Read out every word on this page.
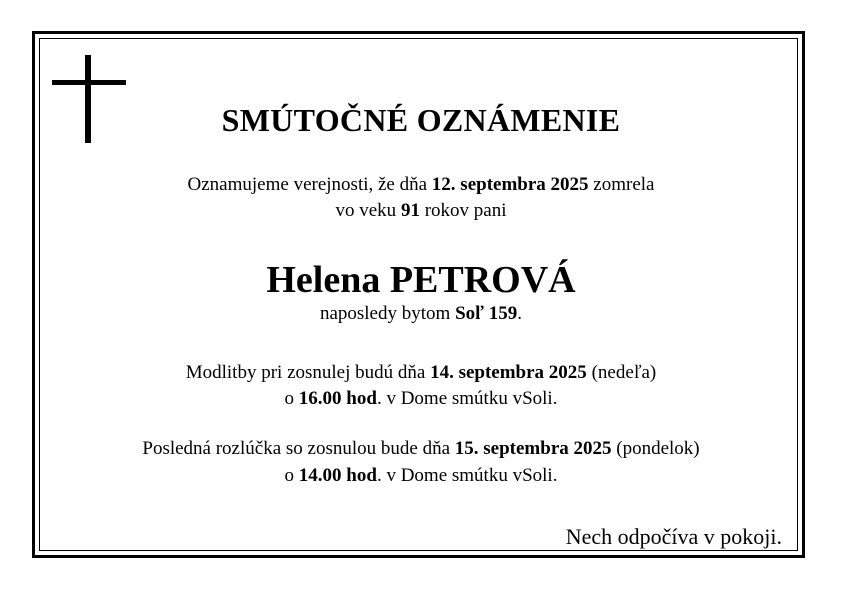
SMÚTOČNÉ OZNÁMENIE
Oznamujeme verejnosti, že dňa 12. septembra 2025 zomrela
vo veku 91 rokov pani
Helena PETROVÁ
naposledy bytom Soľ 159.
Modlitby pri zosnulej budú dňa 14. septembra 2025 (nedeľa)
o 16.00 hod. v Dome smútku vSoli.
Posledná rozlúčka so zosnulou bude dňa 15. septembra 2025 (pondelok)
o 14.00 hod. v Dome smútku vSoli.
Nech odpočíva v pokoji.
